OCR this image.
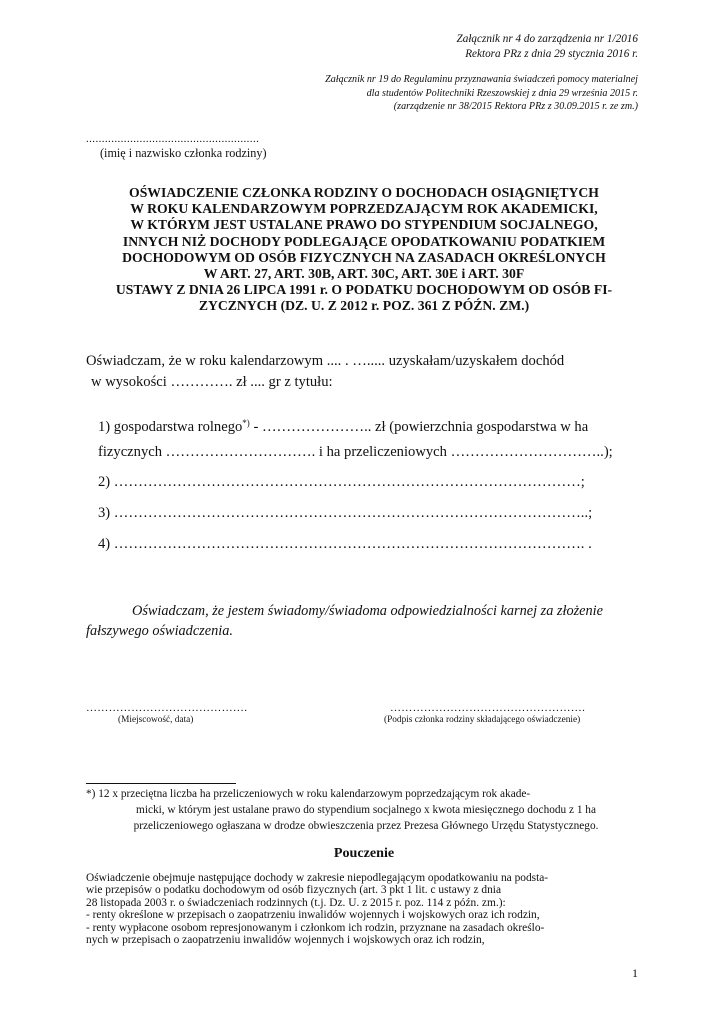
Załącznik nr 4 do zarządzenia nr 1/2016
Rektora PRz z dnia 29 stycznia 2016 r.
Załącznik nr 19 do Regulaminu przyznawania świadczeń pomocy materialnej
dla studentów Politechniki Rzeszowskiej z dnia 29 września 2015 r.
(zarządzenie nr 38/2015 Rektora PRz z 30.09.2015 r. ze zm.)
.......................................................
(imię i nazwisko członka rodziny)
OŚWIADCZENIE CZŁONKA RODZINY O DOCHODACH OSIĄGNIĘTYCH
W ROKU KALENDARZOWYM POPRZEDZAJĄCYM ROK AKADEMICKI,
W KTÓRYM JEST USTALANE PRAWO DO STYPENDIUM SOCJALNEGO,
INNYCH NIŻ DOCHODY PODLEGAJĄCE OPODATKOWANIU PODATKIEM
DOCHODOWYM OD OSÓB FIZYCZNYCH NA ZASADACH OKREŚLONYCH
W ART. 27, ART. 30B, ART. 30C, ART. 30E i ART. 30F
USTAWY Z DNIA 26 LIPCA 1991 r. O PODATKU DOCHODOWYM OD OSÓB FI-
ZYCZNYCH (DZ. U. Z 2012 r. POZ. 361 Z PÓŹN. ZM.)
Oświadczam, że w roku kalendarzowym .... . …..... uzyskałam/uzyskałem dochód
w wysokości …………. zł .... gr z tytułu:
1) gospodarstwa rolnego*) - ………………….. zł (powierzchnia gospodarstwa w ha
fizycznych …………………………. i ha przeliczeniowych …………………………..);
2) ……………………………………………………………………………………;
3) ……………………………………………………………………………………..;
4) ……………………………………………………………………………………. .
Oświadczam, że jestem świadomy/świadoma odpowiedzialności karnej za złożenie
fałszywego oświadczenia.
…………………………………….
(Miejscowość, data)
…………………………………………….
(Podpis członka rodziny składającego oświadczenie)
*) 12 x przeciętna liczba ha przeliczeniowych w roku kalendarzowym poprzedzającym rok akade-
micki, w którym jest ustalane prawo do stypendium socjalnego x kwota miesięcznego dochodu z 1 ha
przeliczeniowego ogłaszana w drodze obwieszczenia przez Prezesa Głównego Urzędu Statystycznego.
Pouczenie
Oświadczenie obejmuje następujące dochody w zakresie niepodlegającym opodatkowaniu na podsta-
wie przepisów o podatku dochodowym od osób fizycznych (art. 3 pkt 1 lit. c ustawy z dnia
28 listopada 2003 r. o świadczeniach rodzinnych (t.j. Dz. U. z 2015 r. poz. 114 z późn. zm.):
- renty określone w przepisach o zaopatrzeniu inwalidów wojennych i wojskowych oraz ich rodzin,
- renty wypłacone osobom represjonowanym i członkom ich rodzin, przyznane na zasadach określo-
nych w przepisach o zaopatrzeniu inwalidów wojennych i wojskowych oraz ich rodzin,
1
